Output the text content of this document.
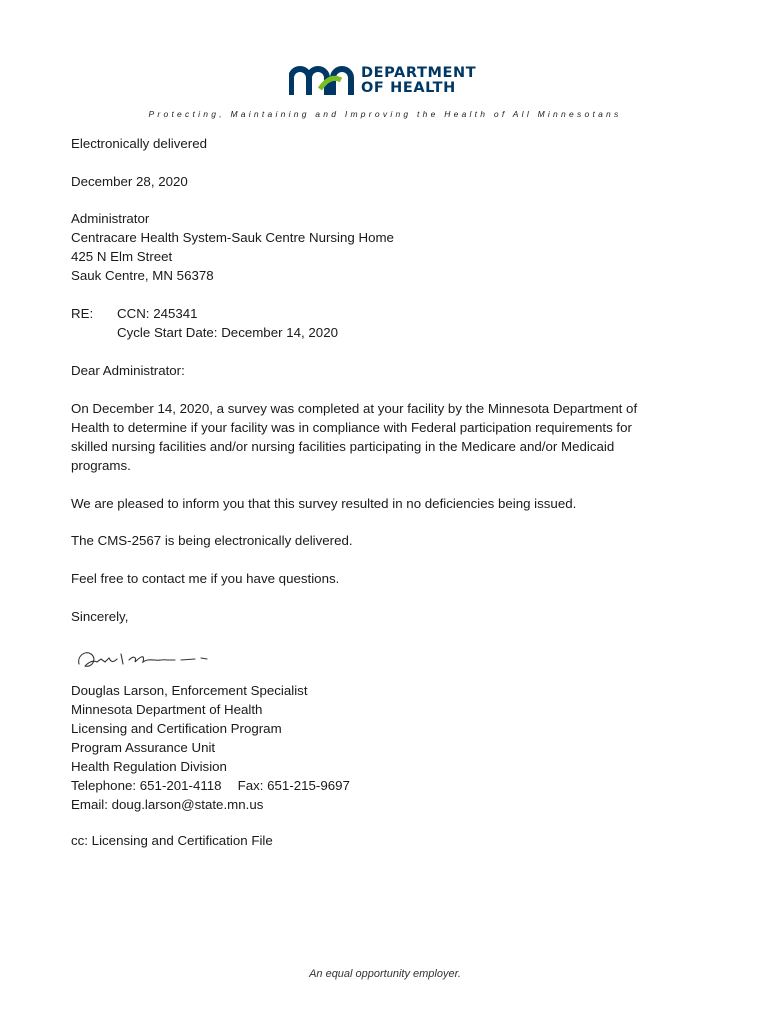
DEPARTMENT
OF HEALTH
Protecting, Maintaining and Improving the Health of All Minnesotans
Electronically delivered
December 28, 2020
Administrator
Centracare Health System-Sauk Centre Nursing Home
425 N Elm Street
Sauk Centre, MN 56378
RE: CCN: 245341
Cycle Start Date: December 14, 2020
Dear Administrator:
On December 14, 2020, a survey was completed at your facility by the Minnesota Department of Health to determine if your facility was in compliance with Federal participation requirements for skilled nursing facilities and/or nursing facilities participating in the Medicare and/or Medicaid programs.
We are pleased to inform you that this survey resulted in no deficiencies being issued.
The CMS-2567 is being electronically delivered.
Feel free to contact me if you have questions.
Sincerely,
Douglas Larson, Enforcement Specialist
Minnesota Department of Health
Licensing and Certification Program
Program Assurance Unit
Health Regulation Division
Telephone: 651-201-4118 Fax: 651-215-9697
Email: doug.larson@state.mn.us
cc: Licensing and Certification File
An equal opportunity employer.
